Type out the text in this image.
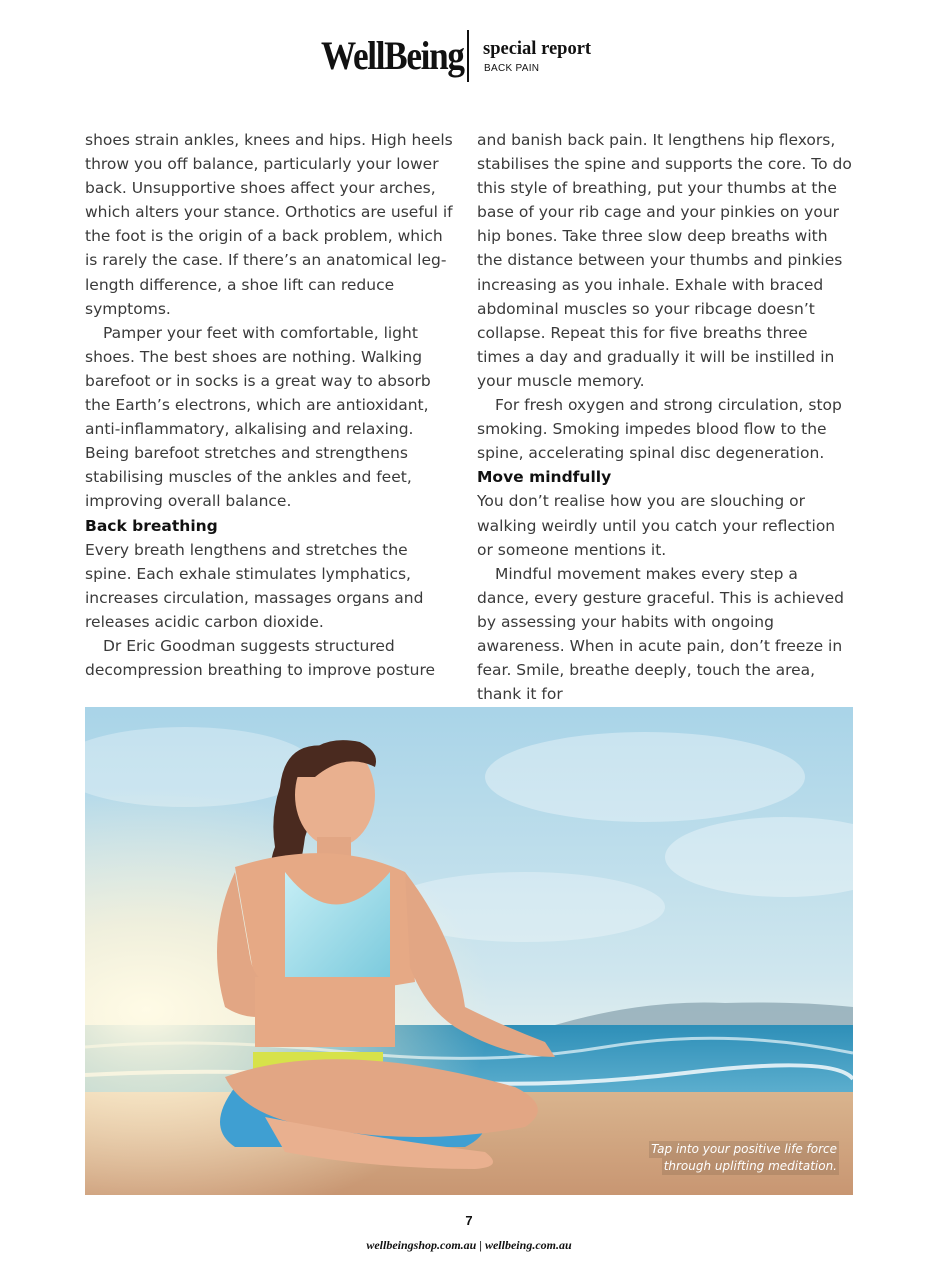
WellBeing special report
BACK PAIN

shoes strain ankles, knees and hips. High heels throw you off balance, particularly your lower back. Unsupportive shoes affect your arches, which alters your stance. Orthotics are useful if the foot is the origin of a back problem, which is rarely the case. If there’s an anatomical leg-length difference, a shoe lift can reduce symptoms.

Pamper your feet with comfortable, light shoes. The best shoes are nothing. Walking barefoot or in socks is a great way to absorb the Earth’s electrons, which are antioxidant, anti-inflammatory, alkalising and relaxing. Being barefoot stretches and strengthens stabilising muscles of the ankles and feet, improving overall balance.

Back breathing

Every breath lengthens and stretches the spine. Each exhale stimulates lymphatics, increases circulation, massages organs and releases acidic carbon dioxide.

Dr Eric Goodman suggests structured decompression breathing to improve posture

and banish back pain. It lengthens hip flexors, stabilises the spine and supports the core. To do this style of breathing, put your thumbs at the base of your rib cage and your pinkies on your hip bones. Take three slow deep breaths with the distance between your thumbs and pinkies increasing as you inhale. Exhale with braced abdominal muscles so your ribcage doesn’t collapse. Repeat this for five breaths three times a day and gradually it will be instilled in your muscle memory.

For fresh oxygen and strong circulation, stop smoking. Smoking impedes blood flow to the spine, accelerating spinal disc degeneration.

Move mindfully

You don’t realise how you are slouching or walking weirdly until you catch your reflection or someone mentions it.

Mindful movement makes every step a dance, every gesture graceful. This is achieved by assessing your habits with ongoing awareness. When in acute pain, don’t freeze in fear. Smile, breathe deeply, touch the area, thank it for

Tap into your positive life force
through uplifting meditation.
7
wellbeingshop.com.au | wellbeing.com.au
